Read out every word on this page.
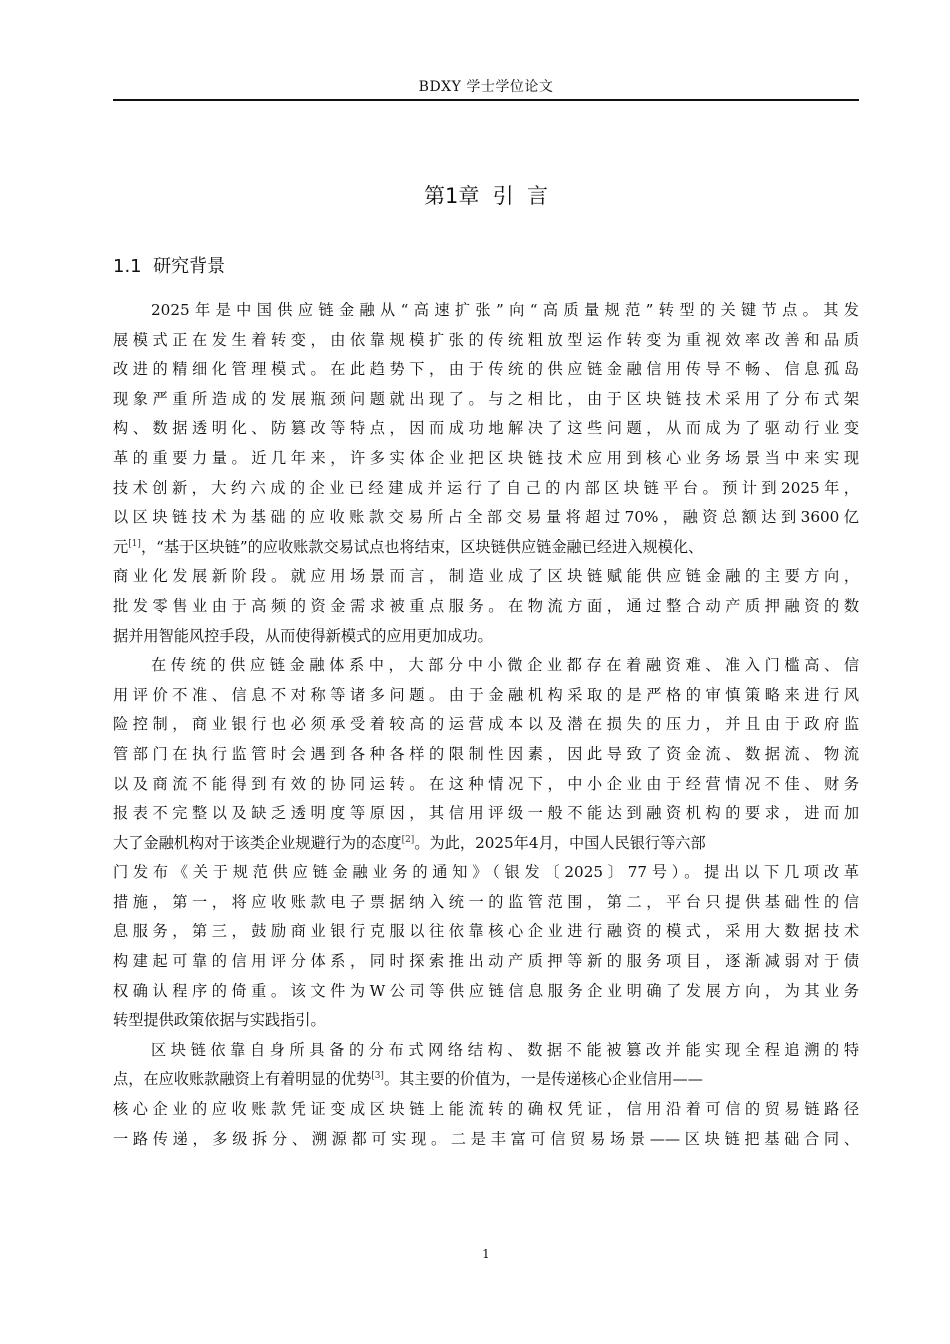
BDXY 学士学位论文
第1章  引  言
1.1  研究背景
2025年是中国供应链金融从“高速扩张”向“高质量规范”转型的关键节点。其发
展模式正在发生着转变，由依靠规模扩张的传统粗放型运作转变为重视效率改善和品质
改进的精细化管理模式。在此趋势下，由于传统的供应链金融信用传导不畅、信息孤岛
现象严重所造成的发展瓶颈问题就出现了。与之相比，由于区块链技术采用了分布式架
构、数据透明化、防篡改等特点，因而成功地解决了这些问题，从而成为了驱动行业变
革的重要力量。近几年来，许多实体企业把区块链技术应用到核心业务场景当中来实现
技术创新，大约六成的企业已经建成并运行了自己的内部区块链平台。预计到2025年，
以区块链技术为基础的应收账款交易所占全部交易量将超过70%，融资总额达到3600亿
元[1]，“基于区块链”的应收账款交易试点也将结束，区块链供应链金融已经进入规模化、
商业化发展新阶段。就应用场景而言，制造业成了区块链赋能供应链金融的主要方向，
批发零售业由于高频的资金需求被重点服务。在物流方面，通过整合动产质押融资的数
据并用智能风控手段，从而使得新模式的应用更加成功。
在传统的供应链金融体系中，大部分中小微企业都存在着融资难、准入门槛高、信
用评价不准、信息不对称等诸多问题。由于金融机构采取的是严格的审慎策略来进行风
险控制，商业银行也必须承受着较高的运营成本以及潜在损失的压力，并且由于政府监
管部门在执行监管时会遇到各种各样的限制性因素，因此导致了资金流、数据流、物流
以及商流不能得到有效的协同运转。在这种情况下，中小企业由于经营情况不佳、财务
报表不完整以及缺乏透明度等原因，其信用评级一般不能达到融资机构的要求，进而加
大了金融机构对于该类企业规避行为的态度[2]。为此，2025年4月，中国人民银行等六部
门发布《关于规范供应链金融业务的通知》（银发〔2025〕77号）。提出以下几项改革
措施，第一，将应收账款电子票据纳入统一的监管范围，第二，平台只提供基础性的信
息服务，第三，鼓励商业银行克服以往依靠核心企业进行融资的模式，采用大数据技术
构建起可靠的信用评分体系，同时探索推出动产质押等新的服务项目，逐渐减弱对于债
权确认程序的倚重。该文件为W公司等供应链信息服务企业明确了发展方向，为其业务
转型提供政策依据与实践指引。
区块链依靠自身所具备的分布式网络结构、数据不能被篡改并能实现全程追溯的特
点，在应收账款融资上有着明显的优势[3]。其主要的价值为，一是传递核心企业信用——
核心企业的应收账款凭证变成区块链上能流转的确权凭证，信用沿着可信的贸易链路径
一路传递，多级拆分、溯源都可实现。二是丰富可信贸易场景——区块链把基础合同、
1
